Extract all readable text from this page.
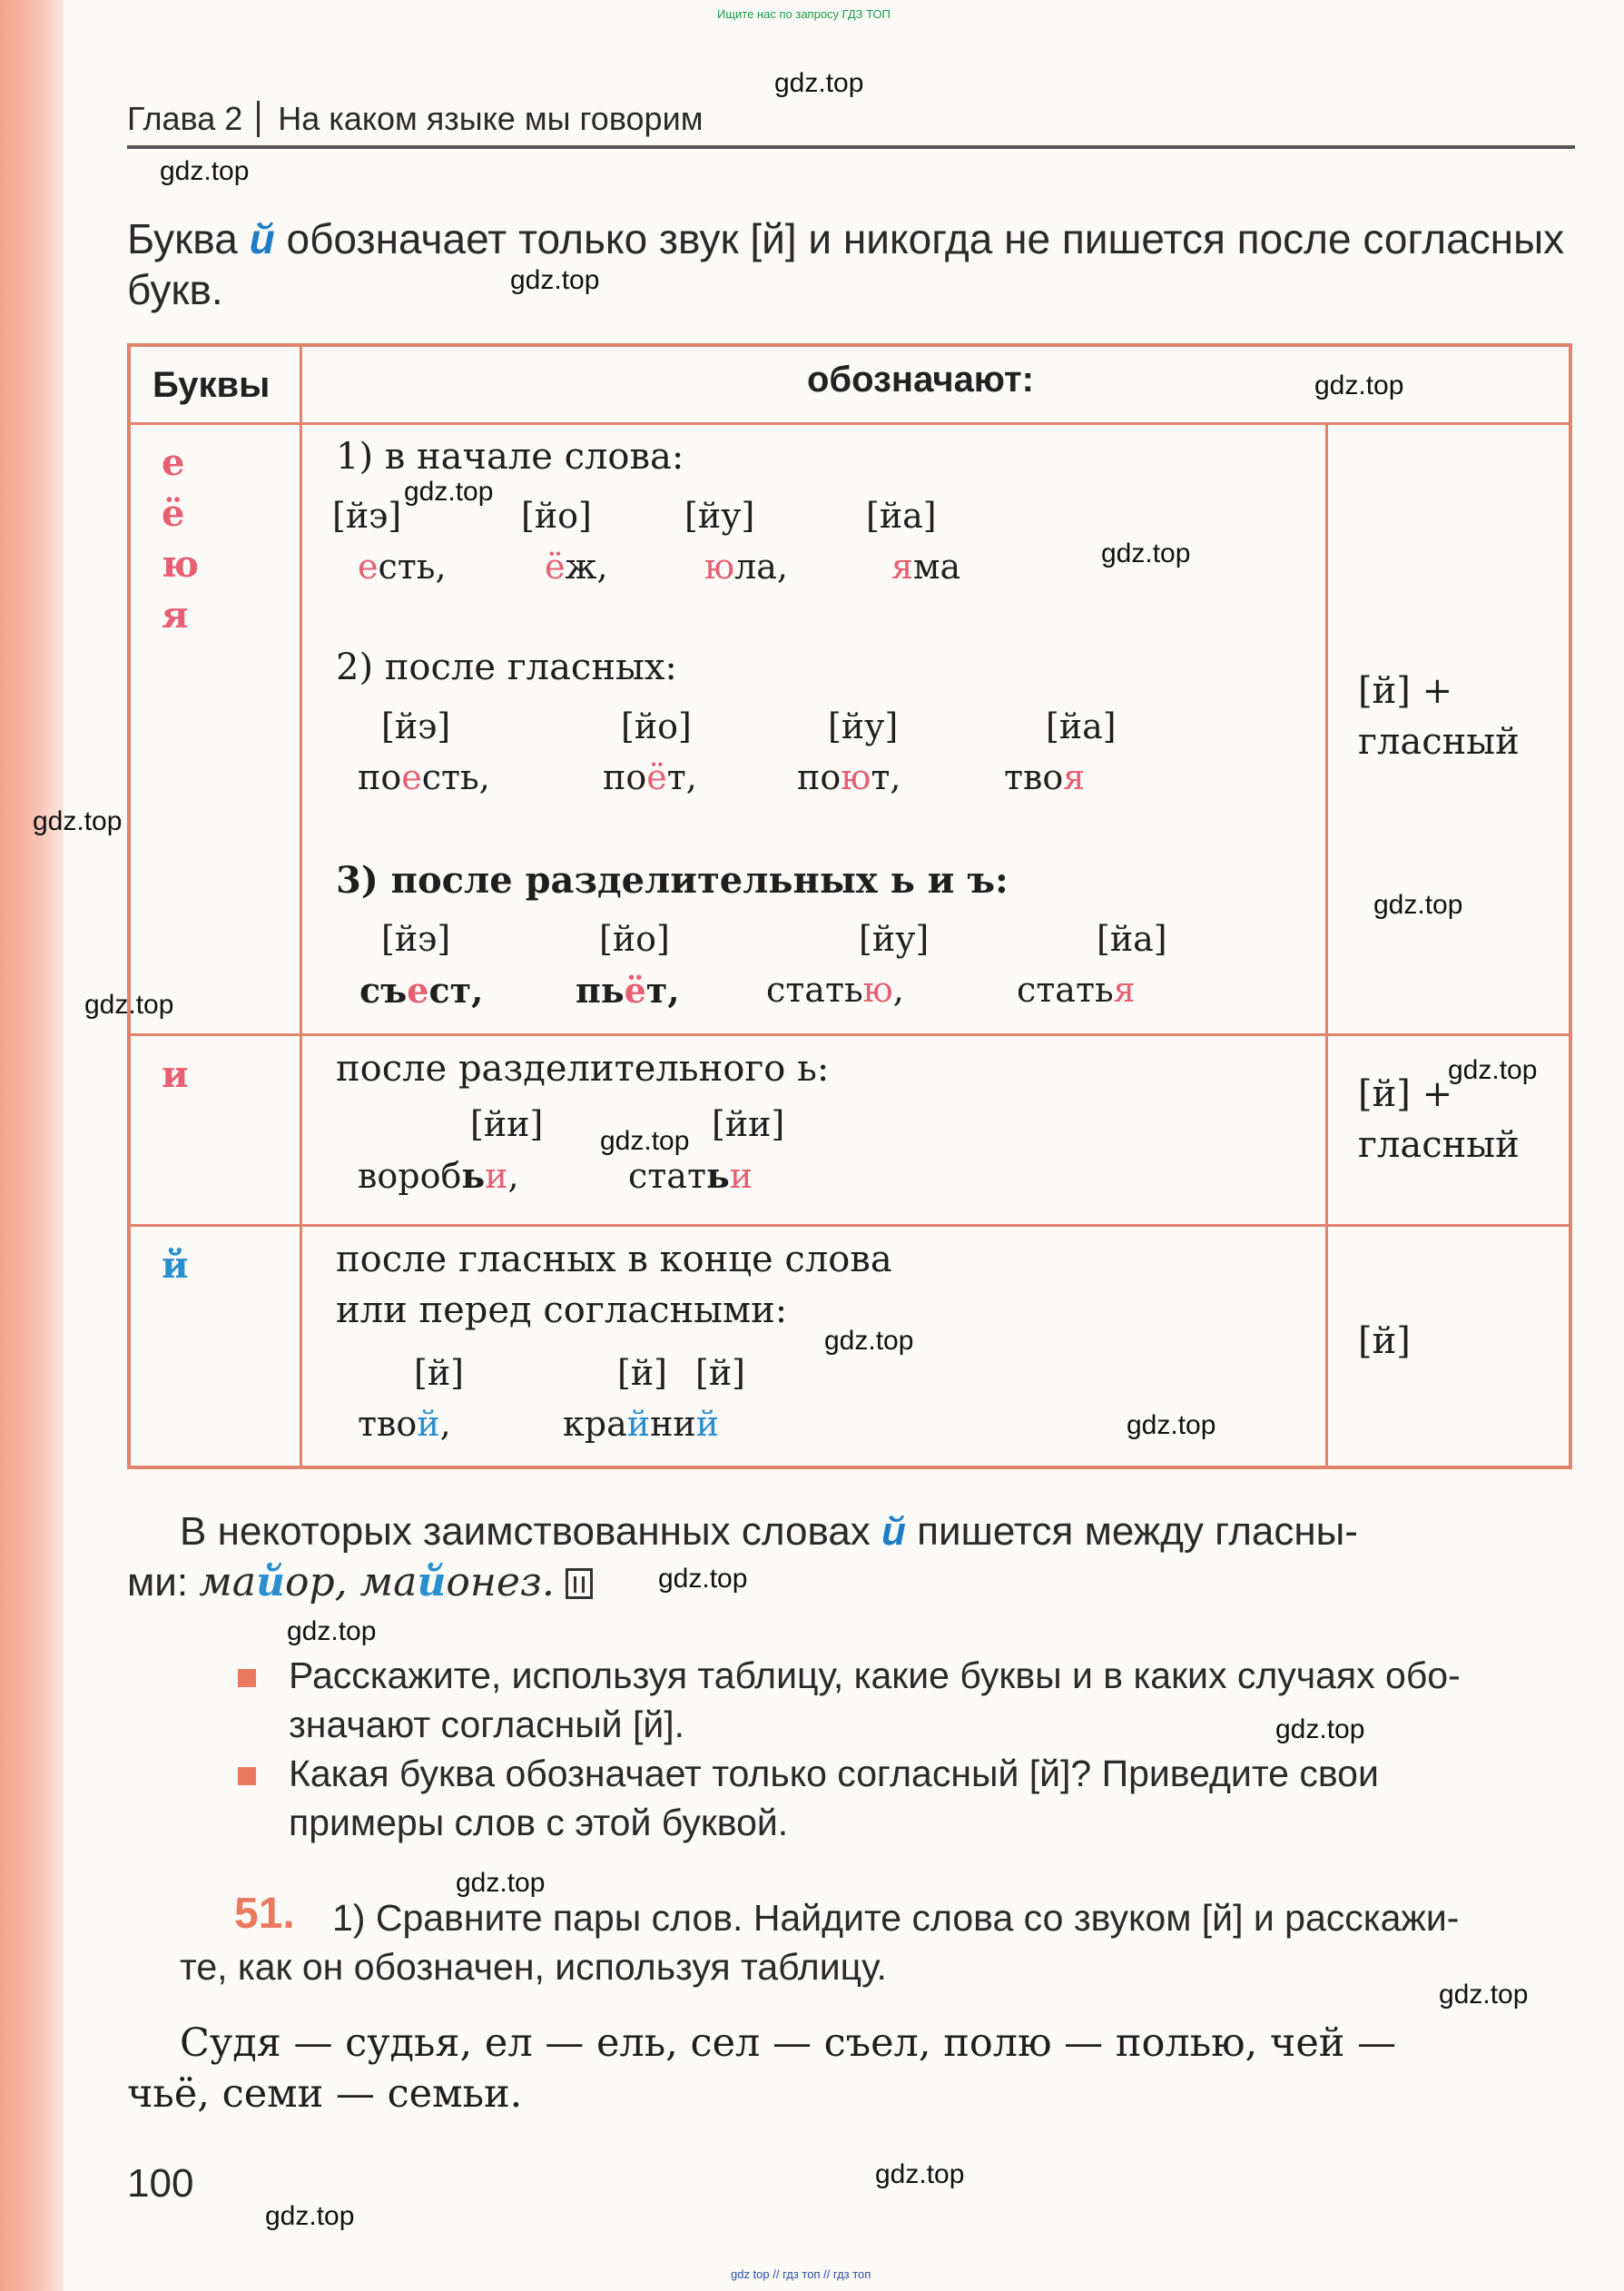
Ищите нас по запросу ГДЗ ТОП
gdz.top
gdz.top
gdz.top
gdz.top
gdz.top
gdz.top
gdz.top
gdz.top
gdz.top
gdz.top
gdz.top
gdz.top
gdz.top
gdz.top
gdz.top
gdz.top
gdz.top
gdz.top
gdz.top
gdz.top
Глава 2 На каком языке мы говорим
Буква й обозначает только звук [й] и никогда не пишется после согласных букв.
Буквы	обозначают:
е
ё
ю
я
1) в начале слова:
[йэ]	[йо]	[йу]	[йа]
есть,	ёж,	юла,	яма
2) после гласных:
[йэ]	[йо]	[йу]	[йа]
поесть,	поёт,	поют,	твоя
3) после разделительных ь и ъ:
[йэ]	[йо]	[йу]	[йа]
съест,	пьёт,	статью,	статья
[й] +
гласный
и	после разделительного ь:
[йи]	[йи]
воробьи,	статьи
[й] +
гласный
й	после гласных в конце слова
или перед согласными:
[й]	[й] [й]
твой,	крайний
[й]
В некоторых заимствованных словах й пишется между гласны-
ми: майор, майонез.
Расскажите, используя таблицу, какие буквы и в каких случаях обо-
значают согласный [й].
Какая буква обозначает только согласный [й]? Приведите свои
примеры слов с этой буквой.
51. 1) Сравните пары слов. Найдите слова со звуком [й] и расскажи-
те, как он обозначен, используя таблицу.
Судя — судья, ел — ель, сел — съел, полю — полью, чей —
чьё, семи — семьи.
100
gdz top // гдз топ // гдз топ
